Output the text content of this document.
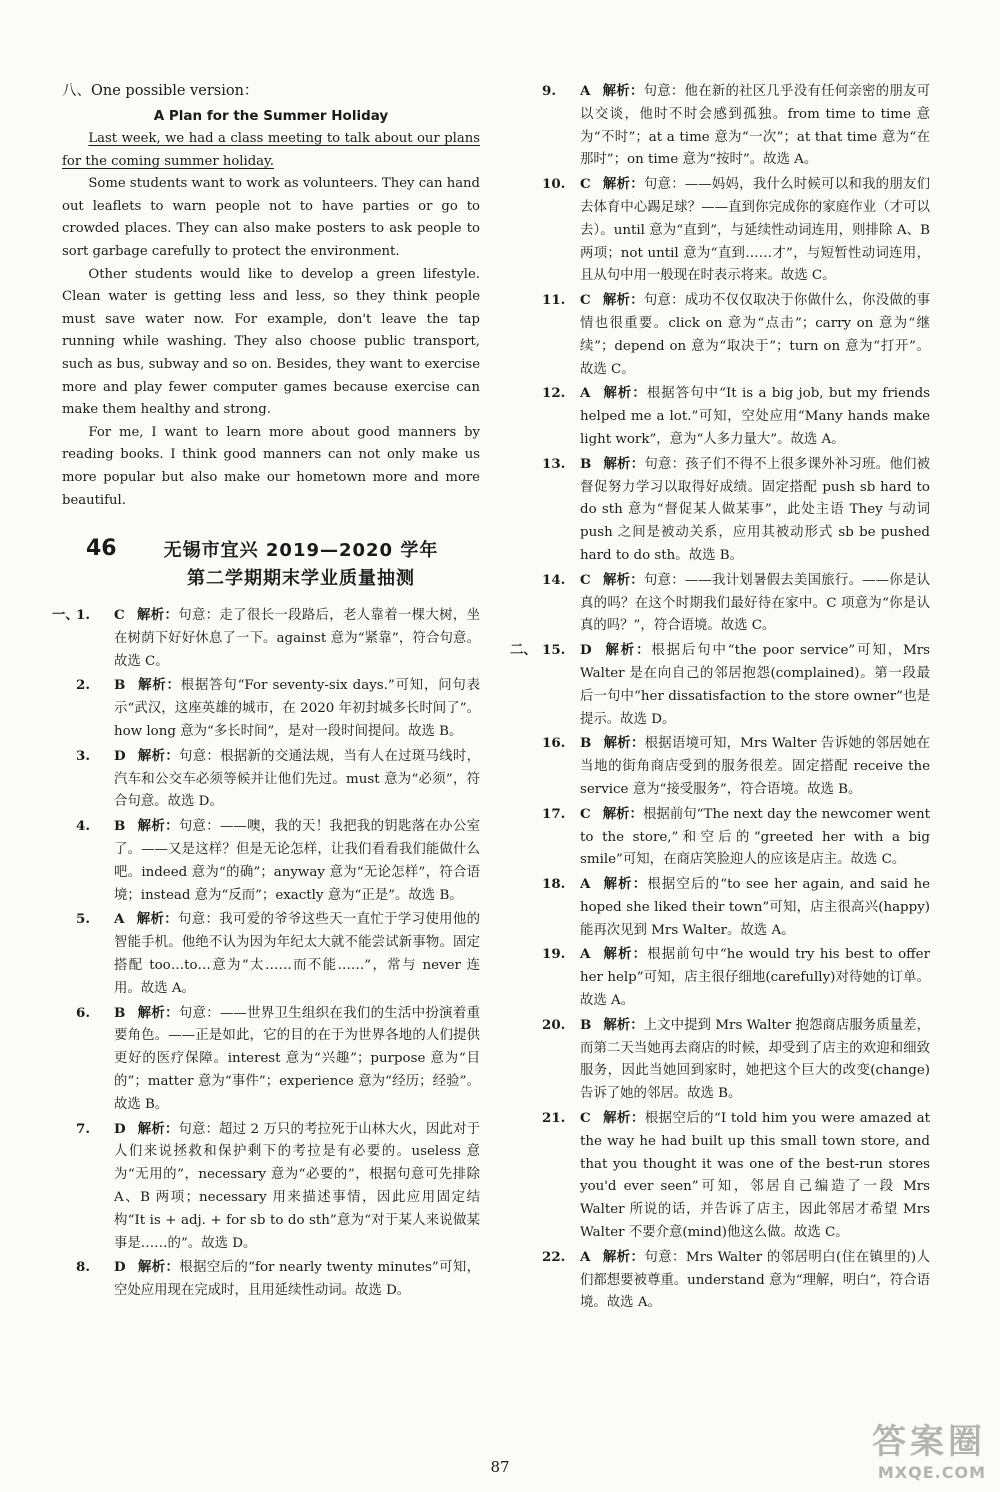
八、One possible version：

A Plan for the Summer Holiday

Last week, we had a class meeting to talk about our plans for the coming summer holiday.

Some students want to work as volunteers. They can hand out leaflets to warn people not to have parties or go to crowded places. They can also make posters to ask people to sort garbage carefully to protect the environment.

Other students would like to develop a green lifestyle. Clean water is getting less and less, so they think people must save water now. For example, don't leave the tap running while washing. They also choose public transport, such as bus, subway and so on. Besides, they want to exercise more and play fewer computer games because exercise can make them healthy and strong.

For me, I want to learn more about good manners by reading books. I think good manners can not only make us more popular but also make our hometown more and more beautiful.

46	无锡市宜兴 2019—2020 学年
第二学期期末学业质量抽测
一、
1. C 解析：句意：走了很长一段路后，老人靠着一棵大树，坐在树荫下好好休息了一下。against 意为“紧靠”，符合句意。故选 C。
2. B 解析：根据答句“For seventy-six days.”可知，问句表示“武汉，这座英雄的城市，在 2020 年初封城多长时间了”。how long 意为“多长时间”，是对一段时间提问。故选 B。
3. D 解析：句意：根据新的交通法规，当有人在过斑马线时，汽车和公交车必须等候并让他们先过。must 意为“必须”，符合句意。故选 D。
4. B 解析：句意：——噢，我的天！我把我的钥匙落在办公室了。——又是这样？但是无论怎样，让我们看看我们能做什么吧。indeed 意为“的确”；anyway 意为“无论怎样”，符合语境；instead 意为“反而”；exactly 意为“正是”。故选 B。
5. A 解析：句意：我可爱的爷爷这些天一直忙于学习使用他的智能手机。他绝不认为因为年纪太大就不能尝试新事物。固定搭配 too…to…意为“太……而不能……”，常与 never 连用。故选 A。
6. B 解析：句意：——世界卫生组织在我们的生活中扮演着重要角色。——正是如此，它的目的在于为世界各地的人们提供更好的医疗保障。interest 意为“兴趣”；purpose 意为“目的”；matter 意为“事件”；experience 意为“经历；经验”。故选 B。
7. D 解析：句意：超过 2 万只的考拉死于山林大火，因此对于人们来说拯救和保护剩下的考拉是有必要的。useless 意为“无用的”，necessary 意为“必要的”，根据句意可先排除 A、B 两项；necessary 用来描述事情，因此应用固定结构“It is + adj. + for sb to do sth”意为“对于某人来说做某事是……的”。故选 D。
8. D 解析：根据空后的“for nearly twenty minutes”可知，空处应用现在完成时，且用延续性动词。故选 D。
9. A 解析：句意：他在新的社区几乎没有任何亲密的朋友可以交谈，他时不时会感到孤独。from time to time 意为“不时”；at a time 意为“一次”；at that time 意为“在那时”；on time 意为“按时”。故选 A。
10. C 解析：句意：——妈妈，我什么时候可以和我的朋友们去体育中心踢足球？——直到你完成你的家庭作业（才可以去）。until 意为“直到”，与延续性动词连用，则排除 A、B 两项；not until 意为“直到……才”，与短暂性动词连用，且从句中用一般现在时表示将来。故选 C。
11. C 解析：句意：成功不仅仅取决于你做什么，你没做的事情也很重要。click on 意为“点击”；carry on 意为“继续”；depend on 意为“取决于”；turn on 意为“打开”。故选 C。
12. A 解析：根据答句中“It is a big job, but my friends helped me a lot.”可知，空处应用“Many hands make light work”，意为“人多力量大”。故选 A。
13. B 解析：句意：孩子们不得不上很多课外补习班。他们被督促努力学习以取得好成绩。固定搭配 push sb hard to do sth 意为“督促某人做某事”，此处主语 They 与动词 push 之间是被动关系，应用其被动形式 sb be pushed hard to do sth。故选 B。
14. C 解析：句意：——我计划暑假去美国旅行。——你是认真的吗？在这个时期我们最好待在家中。C 项意为“你是认真的吗？”，符合语境。故选 C。
二、 15. D 解析：根据后句中“the poor service”可知，Mrs Walter 是在向自己的邻居抱怨(complained)。第一段最后一句中“her dissatisfaction to the store owner”也是提示。故选 D。
16. B 解析：根据语境可知，Mrs Walter 告诉她的邻居她在当地的街角商店受到的服务很差。固定搭配 receive the service 意为“接受服务”，符合语境。故选 B。
17. C 解析：根据前句“The next day the newcomer went to the store,”和空后的“greeted her with a big smile”可知，在商店笑脸迎人的应该是店主。故选 C。
18. A 解析：根据空后的“to see her again, and said he hoped she liked their town”可知，店主很高兴(happy)能再次见到 Mrs Walter。故选 A。
19. A 解析：根据前句中“he would try his best to offer her help”可知，店主很仔细地(carefully)对待她的订单。故选 A。
20. B 解析：上文中提到 Mrs Walter 抱怨商店服务质量差，而第二天当她再去商店的时候，却受到了店主的欢迎和细致服务，因此当她回到家时，她把这个巨大的改变(change)告诉了她的邻居。故选 B。
21. C 解析：根据空后的“I told him you were amazed at the way he had built up this small town store, and that you thought it was one of the best-run stores you'd ever seen”可知，邻居自己编造了一段 Mrs Walter 所说的话，并告诉了店主，因此邻居才希望 Mrs Walter 不要介意(mind)他这么做。故选 C。
22. A 解析：句意：Mrs Walter 的邻居明白(住在镇里的)人们都想要被尊重。understand 意为“理解，明白”，符合语境。故选 A。
87
答案圈
MXQE.COM
